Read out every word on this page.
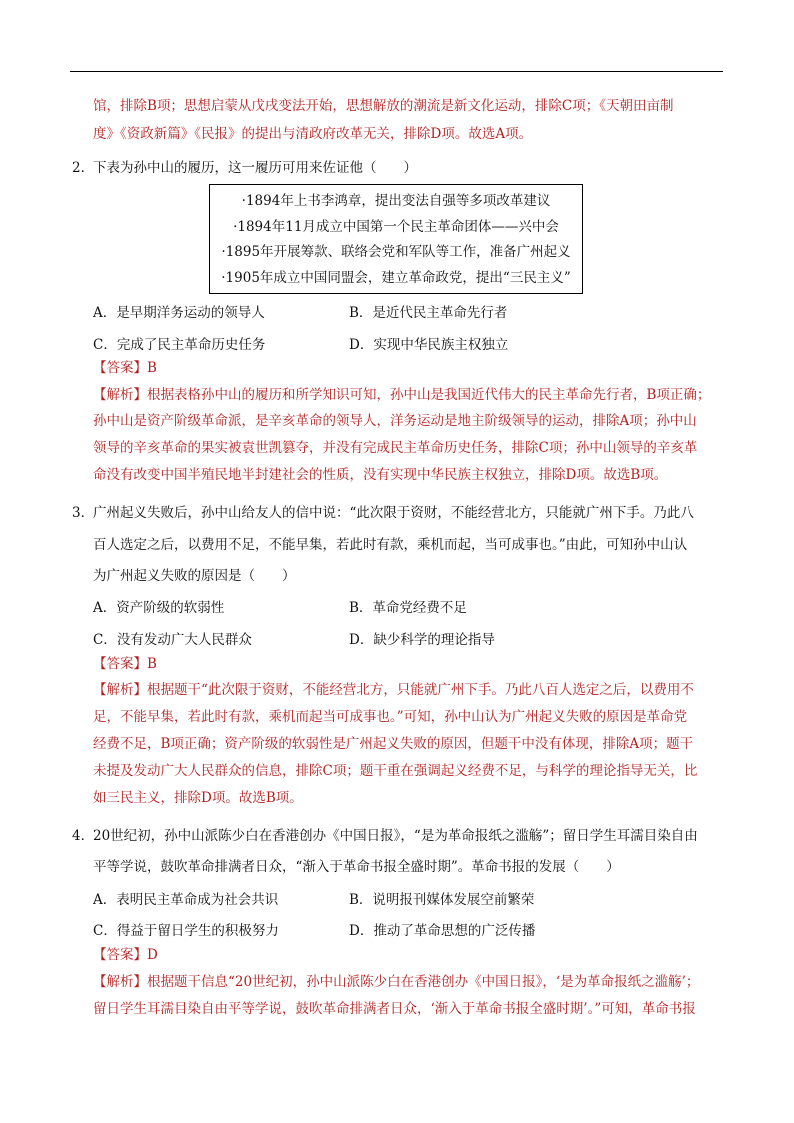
馆，排除B项；思想启蒙从戊戌变法开始，思想解放的潮流是新文化运动，排除C项；《天朝田亩制
度》《资政新篇》《民报》的提出与清政府改革无关，排除D项。故选A项。
2．
下表为孙中山的履历，这一履历可用来佐证他（　　）
·1894年上书李鸿章，提出变法自强等多项改革建议
·1894年11月成立中国第一个民主革命团体——兴中会
·1895年开展筹款、联络会党和军队等工作，准备广州起义
·1905年成立中国同盟会，建立革命政党，提出“三民主义”
A．是早期洋务运动的领导人	B．是近代民主革命先行者
C．完成了民主革命历史任务	D．实现中华民族主权独立
【答案】B
【解析】根据表格孙中山的履历和所学知识可知，孙中山是我国近代伟大的民主革命先行者，B项正确；
孙中山是资产阶级革命派，是辛亥革命的领导人，洋务运动是地主阶级领导的运动，排除A项；孙中山
领导的辛亥革命的果实被袁世凯篡夺，并没有完成民主革命历史任务，排除C项；孙中山领导的辛亥革
命没有改变中国半殖民地半封建社会的性质，没有实现中华民族主权独立，排除D项。故选B项。
3．
广州起义失败后，孙中山给友人的信中说：“此次限于资财，不能经营北方，只能就广州下手。乃此八
百人选定之后，以费用不足，不能早集，若此时有款，乘机而起，当可成事也。”由此，可知孙中山认
为广州起义失败的原因是（　　）
A．资产阶级的软弱性	B．革命党经费不足
C．没有发动广大人民群众	D．缺少科学的理论指导
【答案】B
【解析】根据题干“此次限于资财，不能经营北方，只能就广州下手。乃此八百人选定之后，以费用不
足，不能早集，若此时有款，乘机而起当可成事也。”可知，孙中山认为广州起义失败的原因是革命党
经费不足，B项正确；资产阶级的软弱性是广州起义失败的原因，但题干中没有体现，排除A项；题干
未提及发动广大人民群众的信息，排除C项；题干重在强调起义经费不足，与科学的理论指导无关，比
如三民主义，排除D项。故选B项。
4．
20世纪初，孙中山派陈少白在香港创办《中国日报》，“是为革命报纸之滥觞”；留日学生耳濡目染自由
平等学说，鼓吹革命排满者日众，“渐入于革命书报全盛时期”。革命书报的发展（　　）
A．表明民主革命成为社会共识	B．说明报刊媒体发展空前繁荣
C．得益于留日学生的积极努力	D．推动了革命思想的广泛传播
【答案】D
【解析】根据题干信息“20世纪初，孙中山派陈少白在香港创办《中国日报》，‘是为革命报纸之滥觞’；
留日学生耳濡目染自由平等学说，鼓吹革命排满者日众，‘渐入于革命书报全盛时期’。”可知，革命书报
